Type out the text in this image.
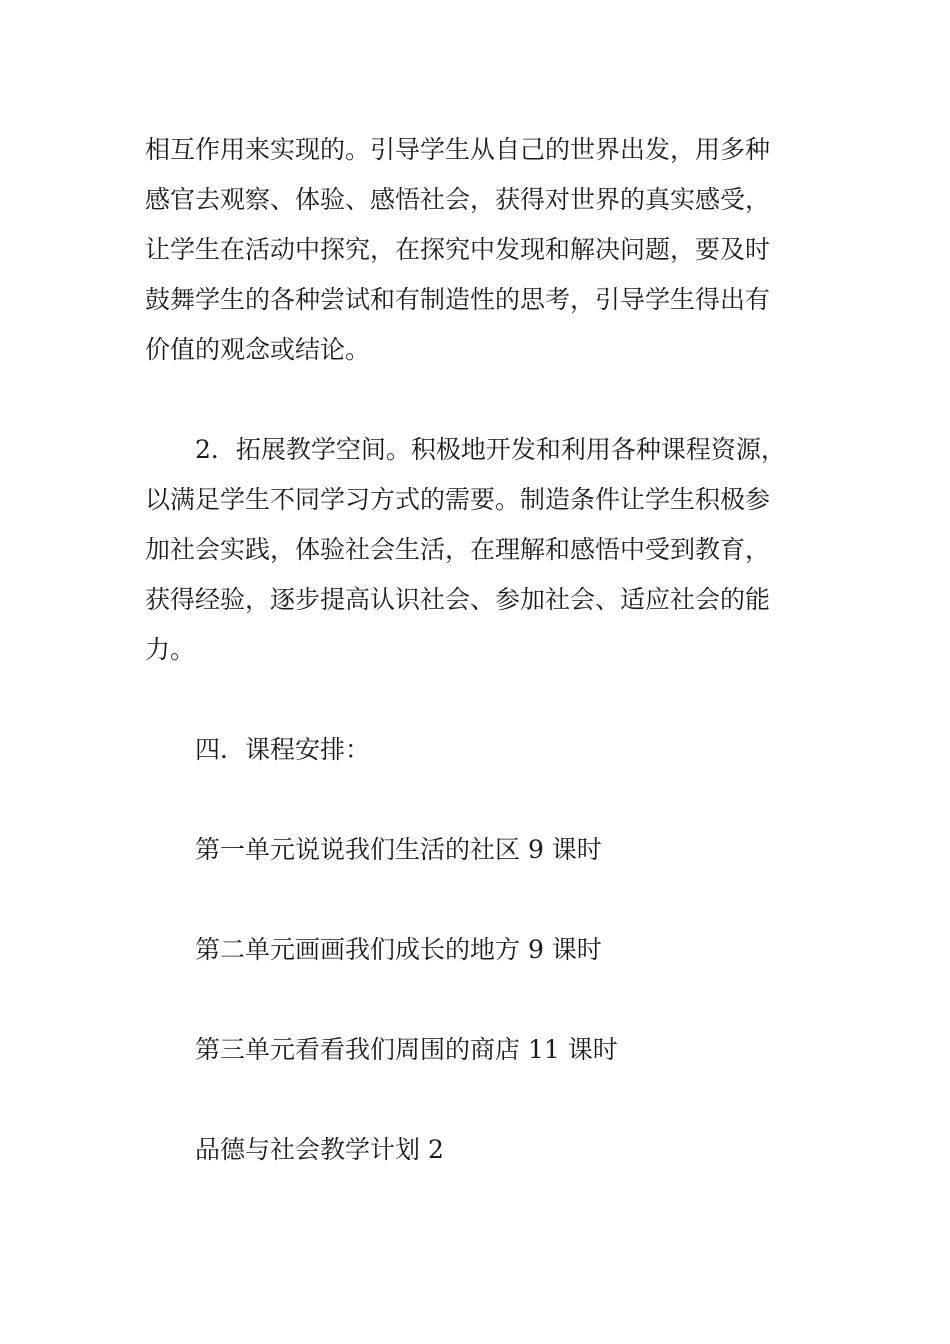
相互作用来实现的。引导学生从自己的世界出发，用多种
感官去观察、体验、感悟社会，获得对世界的真实感受，
让学生在活动中探究，在探究中发现和解决问题，要及时
鼓舞学生的各种尝试和有制造性的思考，引导学生得出有
价值的观念或结论。
2．拓展教学空间。积极地开发和利用各种课程资源，
以满足学生不同学习方式的需要。制造条件让学生积极参
加社会实践，体验社会生活，在理解和感悟中受到教育，
获得经验，逐步提高认识社会、参加社会、适应社会的能
力。
四．课程安排：
第一单元说说我们生活的社区 9 课时
第二单元画画我们成长的地方 9 课时
第三单元看看我们周围的商店 11 课时
品德与社会教学计划 2
